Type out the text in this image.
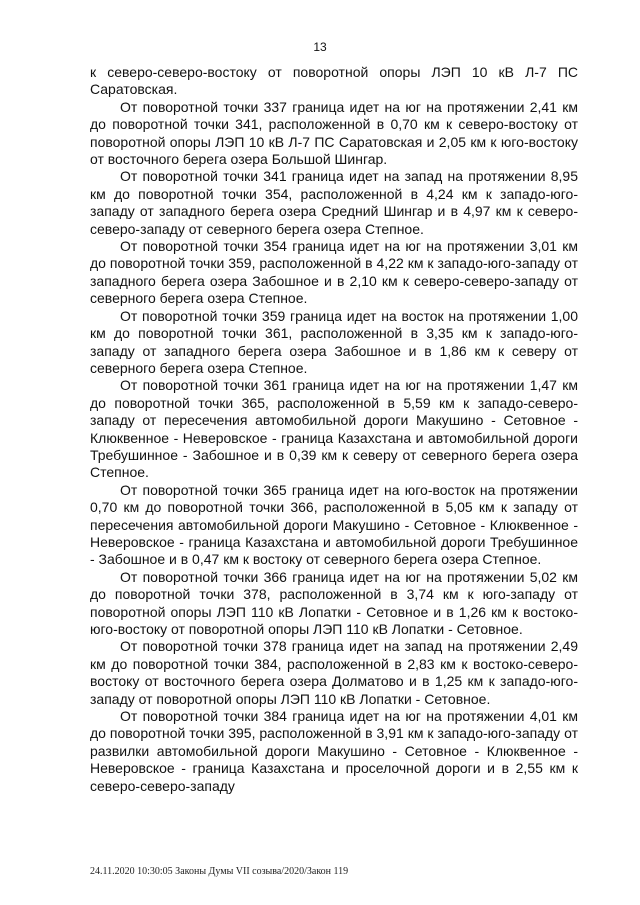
13

к северо-северо-востоку от поворотной опоры ЛЭП 10 кВ Л-7 ПС Саратовская.

От поворотной точки 337 граница идет на юг на протяжении 2,41 км до поворотной точки 341, расположенной в 0,70 км к северо-востоку от поворотной опоры ЛЭП 10 кВ Л-7 ПС Саратовская и 2,05 км к юго-востоку от восточного берега озера Большой Шингар.

От поворотной точки 341 граница идет на запад на протяжении 8,95 км до поворотной точки 354, расположенной в 4,24 км к западо-юго-западу от западного берега озера Средний Шингар и в 4,97 км к северо-северо-западу от северного берега озера Степное.

От поворотной точки 354 граница идет на юг на протяжении 3,01 км до поворотной точки 359, расположенной в 4,22 км к западо-юго-западу от западного берега озера Забошное и в 2,10 км к северо-северо-западу от северного берега озера Степное.

От поворотной точки 359 граница идет на восток на протяжении 1,00 км до поворотной точки 361, расположенной в 3,35 км к западо-юго-западу от западного берега озера Забошное и в 1,86 км к северу от северного берега озера Степное.

От поворотной точки 361 граница идет на юг на протяжении 1,47 км до поворотной точки 365, расположенной в 5,59 км к западо-северо-западу от пересечения автомобильной дороги Макушино - Сетовное - Клюквенное - Неверовское - граница Казахстана и автомобильной дороги Требушинное - Забошное и в 0,39 км к северу от северного берега озера Степное.

От поворотной точки 365 граница идет на юго-восток на протяжении 0,70 км до поворотной точки 366, расположенной в 5,05 км к западу от пересечения автомобильной дороги Макушино - Сетовное - Клюквенное - Неверовское - граница Казахстана и автомобильной дороги Требушинное - Забошное и в 0,47 км к востоку от северного берега озера Степное.

От поворотной точки 366 граница идет на юг на протяжении 5,02 км до поворотной точки 378, расположенной в 3,74 км к юго-западу от поворотной опоры ЛЭП 110 кВ Лопатки - Сетовное и в 1,26 км к востоко-юго-востоку от поворотной опоры ЛЭП 110 кВ Лопатки - Сетовное.

От поворотной точки 378 граница идет на запад на протяжении 2,49 км до поворотной точки 384, расположенной в 2,83 км к востоко-северо-востоку от восточного берега озера Долматово и в 1,25 км к западо-юго-западу от поворотной опоры ЛЭП 110 кВ Лопатки - Сетовное.

От поворотной точки 384 граница идет на юг на протяжении 4,01 км до поворотной точки 395, расположенной в 3,91 км к западо-юго-западу от развилки автомобильной дороги Макушино - Сетовное - Клюквенное - Неверовское - граница Казахстана и проселочной дороги и в 2,55 км к северо-северо-западу

24.11.2020 10:30:05 Законы Думы VII созыва/2020/Закон 119
